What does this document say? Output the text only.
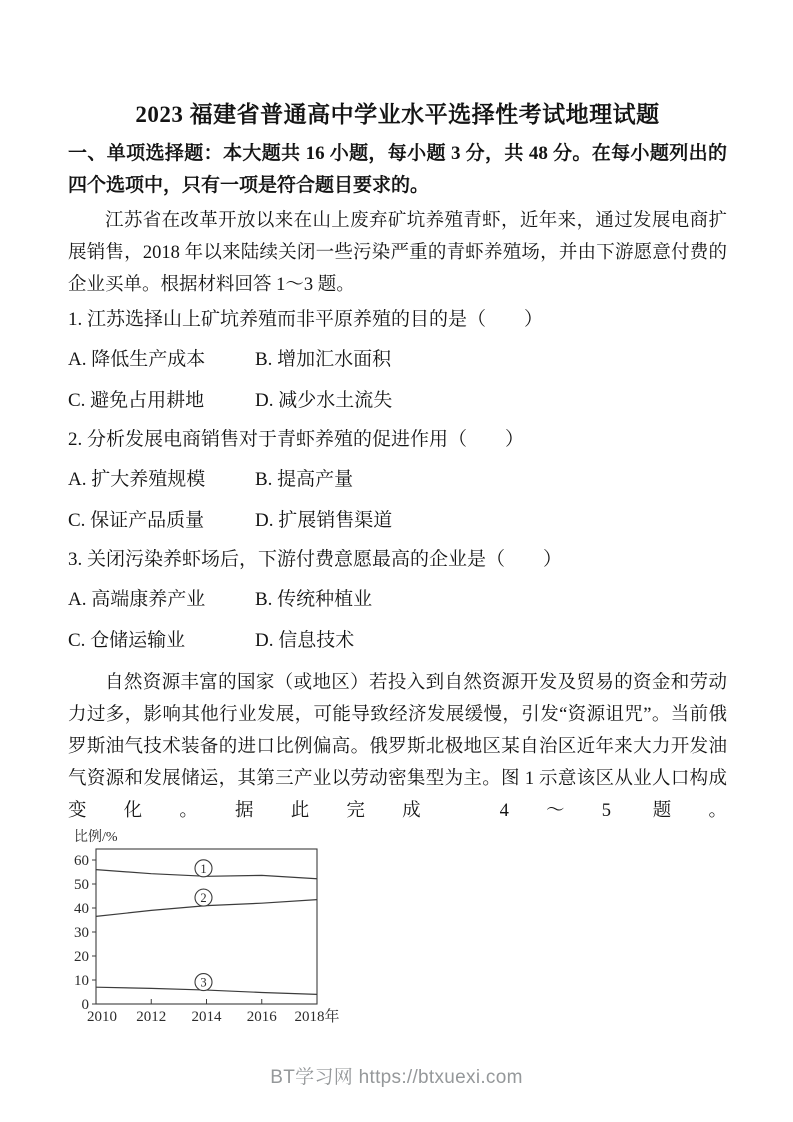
2023 福建省普通高中学业水平选择性考试地理试题

一、单项选择题：本大题共 16 小题，每小题 3 分，共 48 分。在每小题列出的四个选项中，只有一项是符合题目要求的。

江苏省在改革开放以来在山上废弃矿坑养殖青虾，近年来，通过发展电商扩展销售，2018 年以来陆续关闭一些污染严重的青虾养殖场，并由下游愿意付费的企业买单。根据材料回答 1～3 题。

1. 江苏选择山上矿坑养殖而非平原养殖的目的是（　　）

A. 降低生产成本	B. 增加汇水面积
C. 避免占用耕地	D. 减少水土流失

2. 分析发展电商销售对于青虾养殖的促进作用（　　）

A. 扩大养殖规模	B. 提高产量
C. 保证产品质量	D. 扩展销售渠道

3. 关闭污染养虾场后，下游付费意愿最高的企业是（　　）

A. 高端康养产业	B. 传统种植业
C. 仓储运输业	D. 信息技术

自然资源丰富的国家（或地区）若投入到自然资源开发及贸易的资金和劳动力过多，影响其他行业发展，可能导致经济发展缓慢，引发“资源诅咒”。当前俄罗斯油气技术装备的进口比例偏高。俄罗斯北极地区某自治区近年来大力开发油气资源和发展储运，其第三产业以劳动密集型为主。图 1 示意该区从业人口构成变化。据此完成 4～5 题。

比例/%
0
10
20
30
40
50
60
2010 2012 2014 2016 2018年
1
2
3
BT学习网 https://btxuexi.com
